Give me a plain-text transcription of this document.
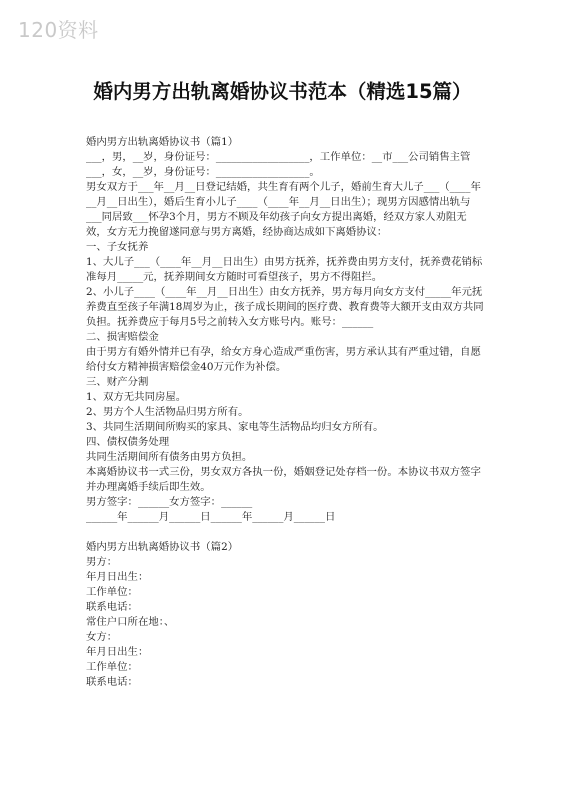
120资料
婚内男方出轨离婚协议书范本（精选15篇）

婚内男方出轨离婚协议书（篇1）

___，男，__岁，身份证号：__________________，工作单位：__市___公司销售主管

___，女，__岁，身份证号：__________________。

男女双方于___年__月__日登记结婚，共生育有两个儿子，婚前生育大儿子___（____年__月__日出生），婚后生育小儿子____（____年__月__日出生）；现男方因感情出轨与___同居致___怀孕3个月，男方不顾及年幼孩子向女方提出离婚，经双方家人劝阻无效，女方无力挽留遂同意与男方离婚，经协商达成如下离婚协议：

一、子女抚养

1、大儿子___（____年__月__日出生）由男方抚养，抚养费由男方支付，抚养费花销标准每月_____元，抚养期间女方随时可看望孩子，男方不得阻拦。

2、小儿子____（____年__月__日出生）由女方抚养，男方每月向女方支付_____年元抚养费直至孩子年满18周岁为止，孩子成长期间的医疗费、教育费等大额开支由双方共同负担。抚养费应于每月5号之前转入女方账号内。账号：______

二、损害赔偿金

由于男方有婚外情并已有孕，给女方身心造成严重伤害，男方承认其有严重过错，自愿给付女方精神损害赔偿金40万元作为补偿。

三、财产分割

1、双方无共同房屋。

2、男方个人生活物品归男方所有。

3、共同生活期间所购买的家具、家电等生活物品均归女方所有。

四、债权债务处理

共同生活期间所有债务由男方负担。

本离婚协议书一式三份，男女双方各执一份，婚姻登记处存档一份。本协议书双方签字并办理离婚手续后即生效。

男方签字：______女方签字：______

______年______月______日______年______月______日

婚内男方出轨离婚协议书（篇2）

男方：

年月日出生：

工作单位：

联系电话：

常住户口所在地：、

女方：

年月日出生：

工作单位：

联系电话：
